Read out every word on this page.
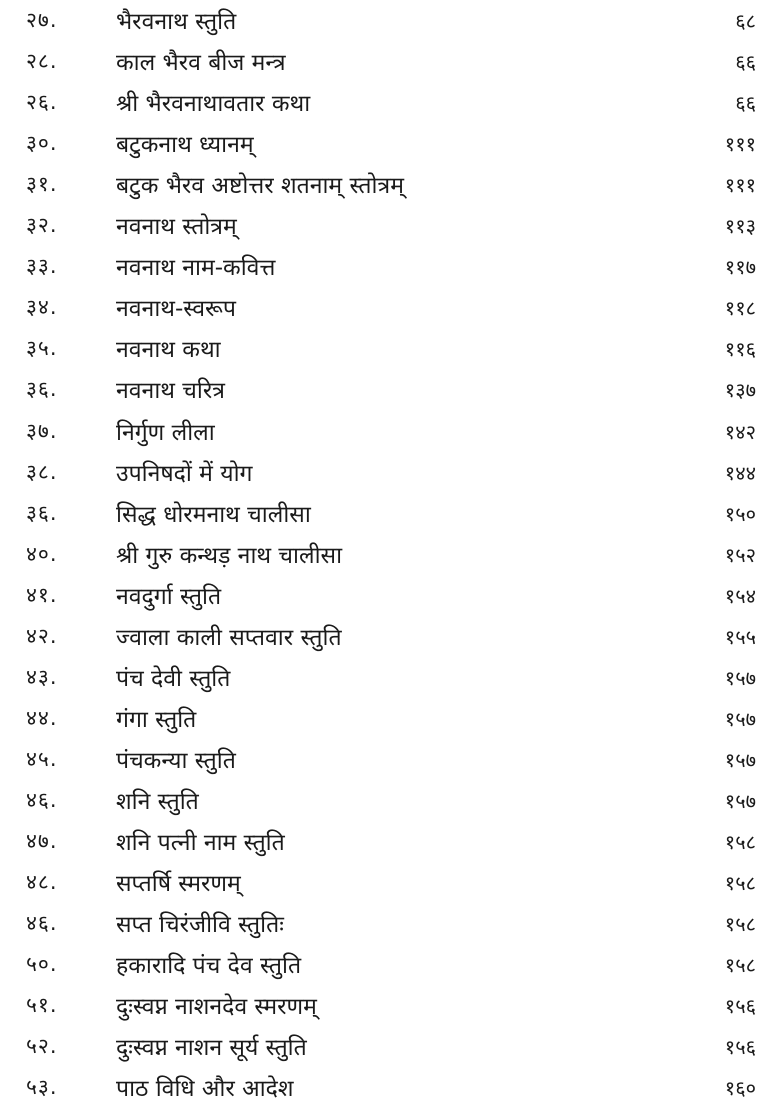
२७.	भैरवनाथ स्तुति	६८
२८.	काल भैरव बीज मन्त्र	६६
२६.	श्री भैरवनाथावतार कथा	६६
३०.	बटुकनाथ ध्यानम्	१११
३१.	बटुक भैरव अष्टोत्तर शतनाम् स्तोत्रम्	१११
३२.	नवनाथ स्तोत्रम्	११३
३३.	नवनाथ नाम-कवित्त	११७
३४.	नवनाथ-स्वरूप	११८
३५.	नवनाथ कथा	११६
३६.	नवनाथ चरित्र	१३७
३७.	निर्गुण लीला	१४२
३८.	उपनिषदों में योग	१४४
३६.	सिद्ध धोरमनाथ चालीसा	१५०
४०.	श्री गुरु कन्थड़ नाथ चालीसा	१५२
४१.	नवदुर्गा स्तुति	१५४
४२.	ज्वाला काली सप्तवार स्तुति	१५५
४३.	पंच देवी स्तुति	१५७
४४.	गंगा स्तुति	१५७
४५.	पंचकन्या स्तुति	१५७
४६.	शनि स्तुति	१५७
४७.	शनि पत्नी नाम स्तुति	१५८
४८.	सप्तर्षि स्मरणम्	१५८
४६.	सप्त चिरंजीवि स्तुतिः	१५८
५०.	हकारादि पंच देव स्तुति	१५८
५१.	दुःस्वप्न नाशनदेव स्मरणम्	१५६
५२.	दुःस्वप्न नाशन सूर्य स्तुति	१५६
५३.	पाठ विधि और आदेश	१६०
